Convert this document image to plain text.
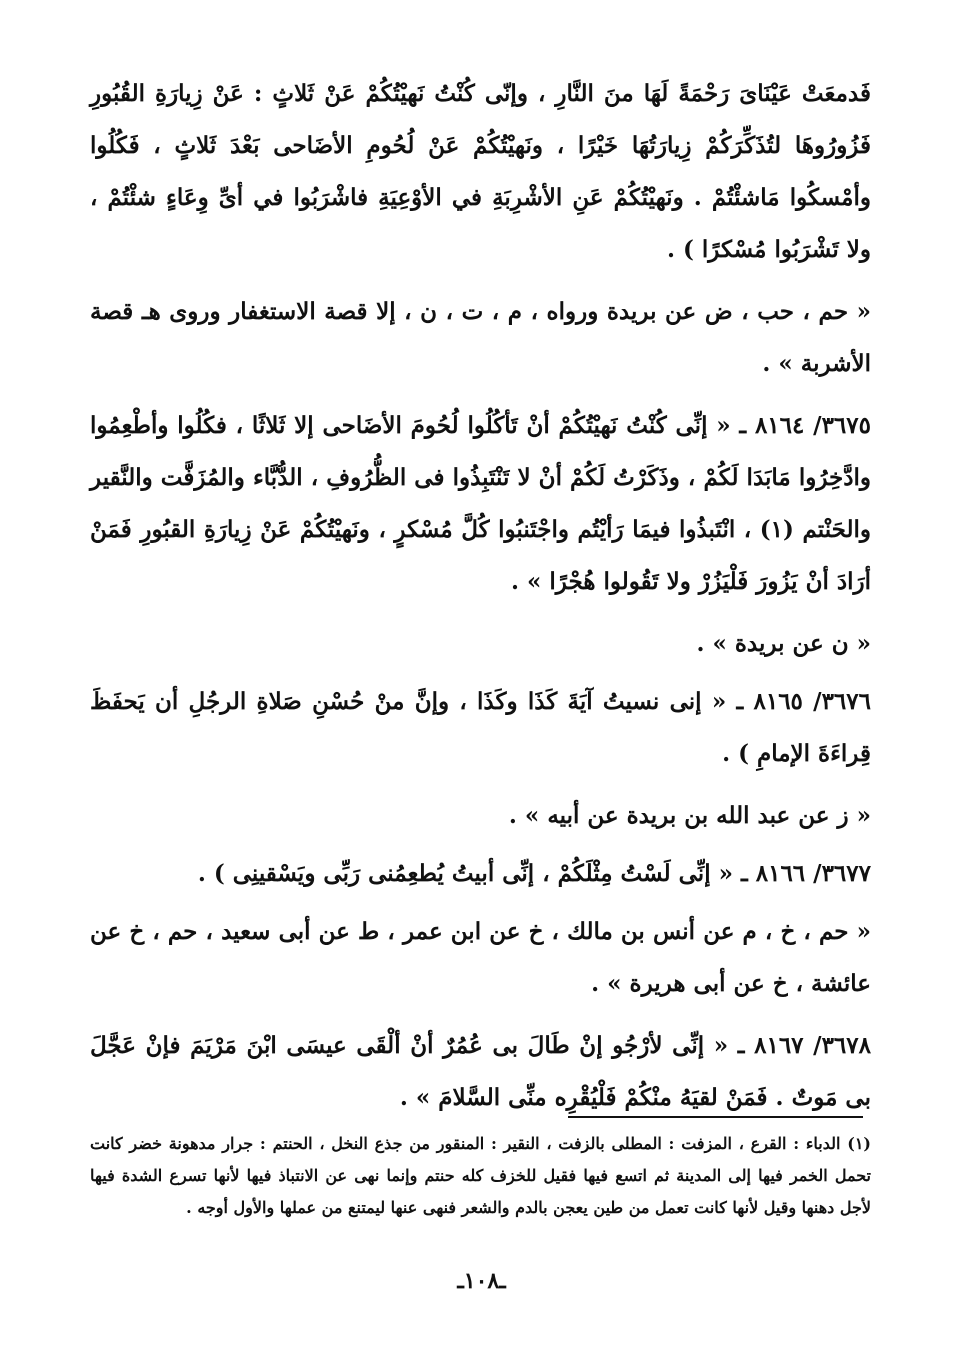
فَدمعَتْ عَيْنَاىَ رَحْمَةً لَهَا منَ النَّارِ ، وإنّى كُنْتُ نَهيْتُكُمْ عَنْ ثَلاثٍ : عَنْ زِيارَةِ القُبُورِ فَزُورُوهَا لتُذَكِّرَكُمْ زِيارَتُهَا خَيْرًا ، ونَهيْتُكُمْ عَنْ لُحُومِ الأضَاحى بَعْدَ ثَلاثٍ ، فَكُلُوا وأمْسكُوا مَاشئْتُمْ . ونَهيْتُكُمْ عَنِ الأشْرِبَةِ في الأوْعِيَةِ فاشْرَبُوا في أىِّ وِعَاءٍ شئْتُمْ ، ولا تَشْرَبُوا مُسْكرًا ) .

« حم ، حب ، ض عن بريدة ورواه ، م ، ت ، ن ، إلا قصة الاستغفار وروى هـ قصة الأشربة » .

٣٦٧٥/ ٨١٦٤ ـ « إنِّى كُنْتُ نَهيْتُكُمْ أنْ تَأكُلُوا لُحُومَ الأضَاحى إلا ثَلاثًا ، فكُلُوا وأطْعِمُوا وادَّخِرُوا مَابَدَا لَكُمْ ، وذَكَرْتُ لَكُمْ أنْ لا تَنْتَبِذُوا فى الظُّرُوفِ ، الدُّبَّاء والمُزَفَّت والنَّقير والحَنْتم (١) ، انْتَبذُوا فيمَا رَأيْتُم واجْتَنبُوا كُلَّ مُسْكرٍ ، ونَهيْتُكُمْ عَنْ زِيارَةِ القبُورِ فَمَنْ أرَادَ أنْ يَزُورَ فَلْيَزُرْ ولا تَقُولوا هُجْرًا » .

« ن عن بريدة » .

٣٦٧٦/ ٨١٦٥ ـ « إنى نسيتُ آيَةَ كَذَا وكَذَا ، وإنَّ منْ حُسْنِ صَلاةِ الرجُلِ أن يَحفَظَ قِراءَةَ الإمامِ ) .

« ز عن عبد الله بن بريدة عن أبيه » .

٣٦٧٧/ ٨١٦٦ ـ « إنِّى لَسْتُ مِثْلَكُمْ ، إنِّى أبيتُ يُطعِمُنى رَبِّى ويَسْقينِى ) .

« حم ، خ ، م عن أنس بن مالك ، خ عن ابن عمر ، ط عن أبى سعيد ، حم ، خ عن عائشة ، خ عن أبى هريرة » .

٣٦٧٨/ ٨١٦٧ ـ « إنِّى لأرْجُو إنْ طَالَ بى عُمُرٌ أنْ ألْقَى عيسَى ابْنَ مَرْيَمَ فإنْ عَجَّلَ بى مَوتٌ . فَمَنْ لقيَهُ منْكُمْ فَلْيُقْرِه منِّى السَّلامَ » .

(١) الدباء : القرع ، المزفت : المطلى بالزفت ، النقير : المنقور من جذع النخل ، الحنتم : جرار مدهونة خضر كانت تحمل الخمر فيها إلى المدينة ثم اتسع فيها فقيل للخزف كله حنتم وإنما نهى عن الانتباذ فيها لأنها تسرع الشدة فيها لأجل دهنها وقيل لأنها كانت تعمل من طين يعجن بالدم والشعر فنهى عنها ليمتنع من عملها والأول أوجه .
ـ١٠٨ـ
